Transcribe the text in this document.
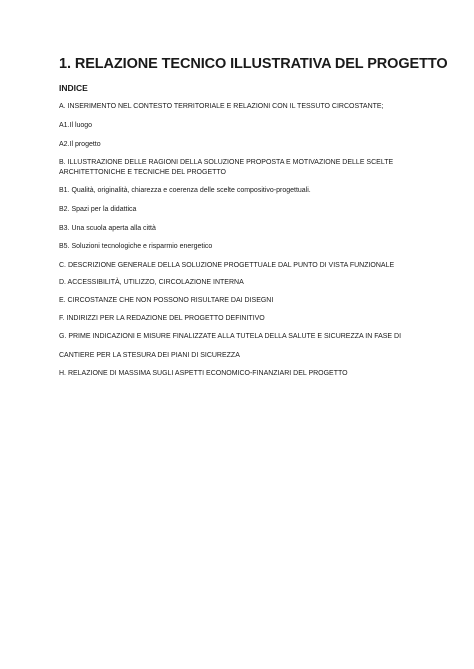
1. RELAZIONE TECNICO ILLUSTRATIVA DEL PROGETTO
INDICE

A. INSERIMENTO NEL CONTESTO TERRITORIALE E RELAZIONI CON IL TESSUTO CIRCOSTANTE;

A1.Il luogo

A2.Il progetto

B. ILLUSTRAZIONE DELLE RAGIONI DELLA SOLUZIONE PROPOSTA E MOTIVAZIONE DELLE SCELTE

ARCHITETTONICHE E TECNICHE DEL PROGETTO

B1. Qualità, originalità, chiarezza e coerenza delle scelte compositivo-progettuali.

B2. Spazi per la didattica

B3. Una scuola aperta alla città

B5. Soluzioni tecnologiche e risparmio energetico

C. DESCRIZIONE GENERALE DELLA SOLUZIONE PROGETTUALE DAL PUNTO DI VISTA FUNZIONALE

D. ACCESSIBILITÀ, UTILIZZO, CIRCOLAZIONE INTERNA

E. CIRCOSTANZE CHE NON POSSONO RISULTARE DAI DISEGNI

F. INDIRIZZI PER LA REDAZIONE DEL PROGETTO DEFINITIVO

G. PRIME INDICAZIONI E MISURE FINALIZZATE ALLA TUTELA DELLA SALUTE E SICUREZZA IN FASE DI

CANTIERE PER LA STESURA DEI PIANI DI SICUREZZA

H. RELAZIONE DI MASSIMA SUGLI ASPETTI ECONOMICO-FINANZIARI DEL PROGETTO
